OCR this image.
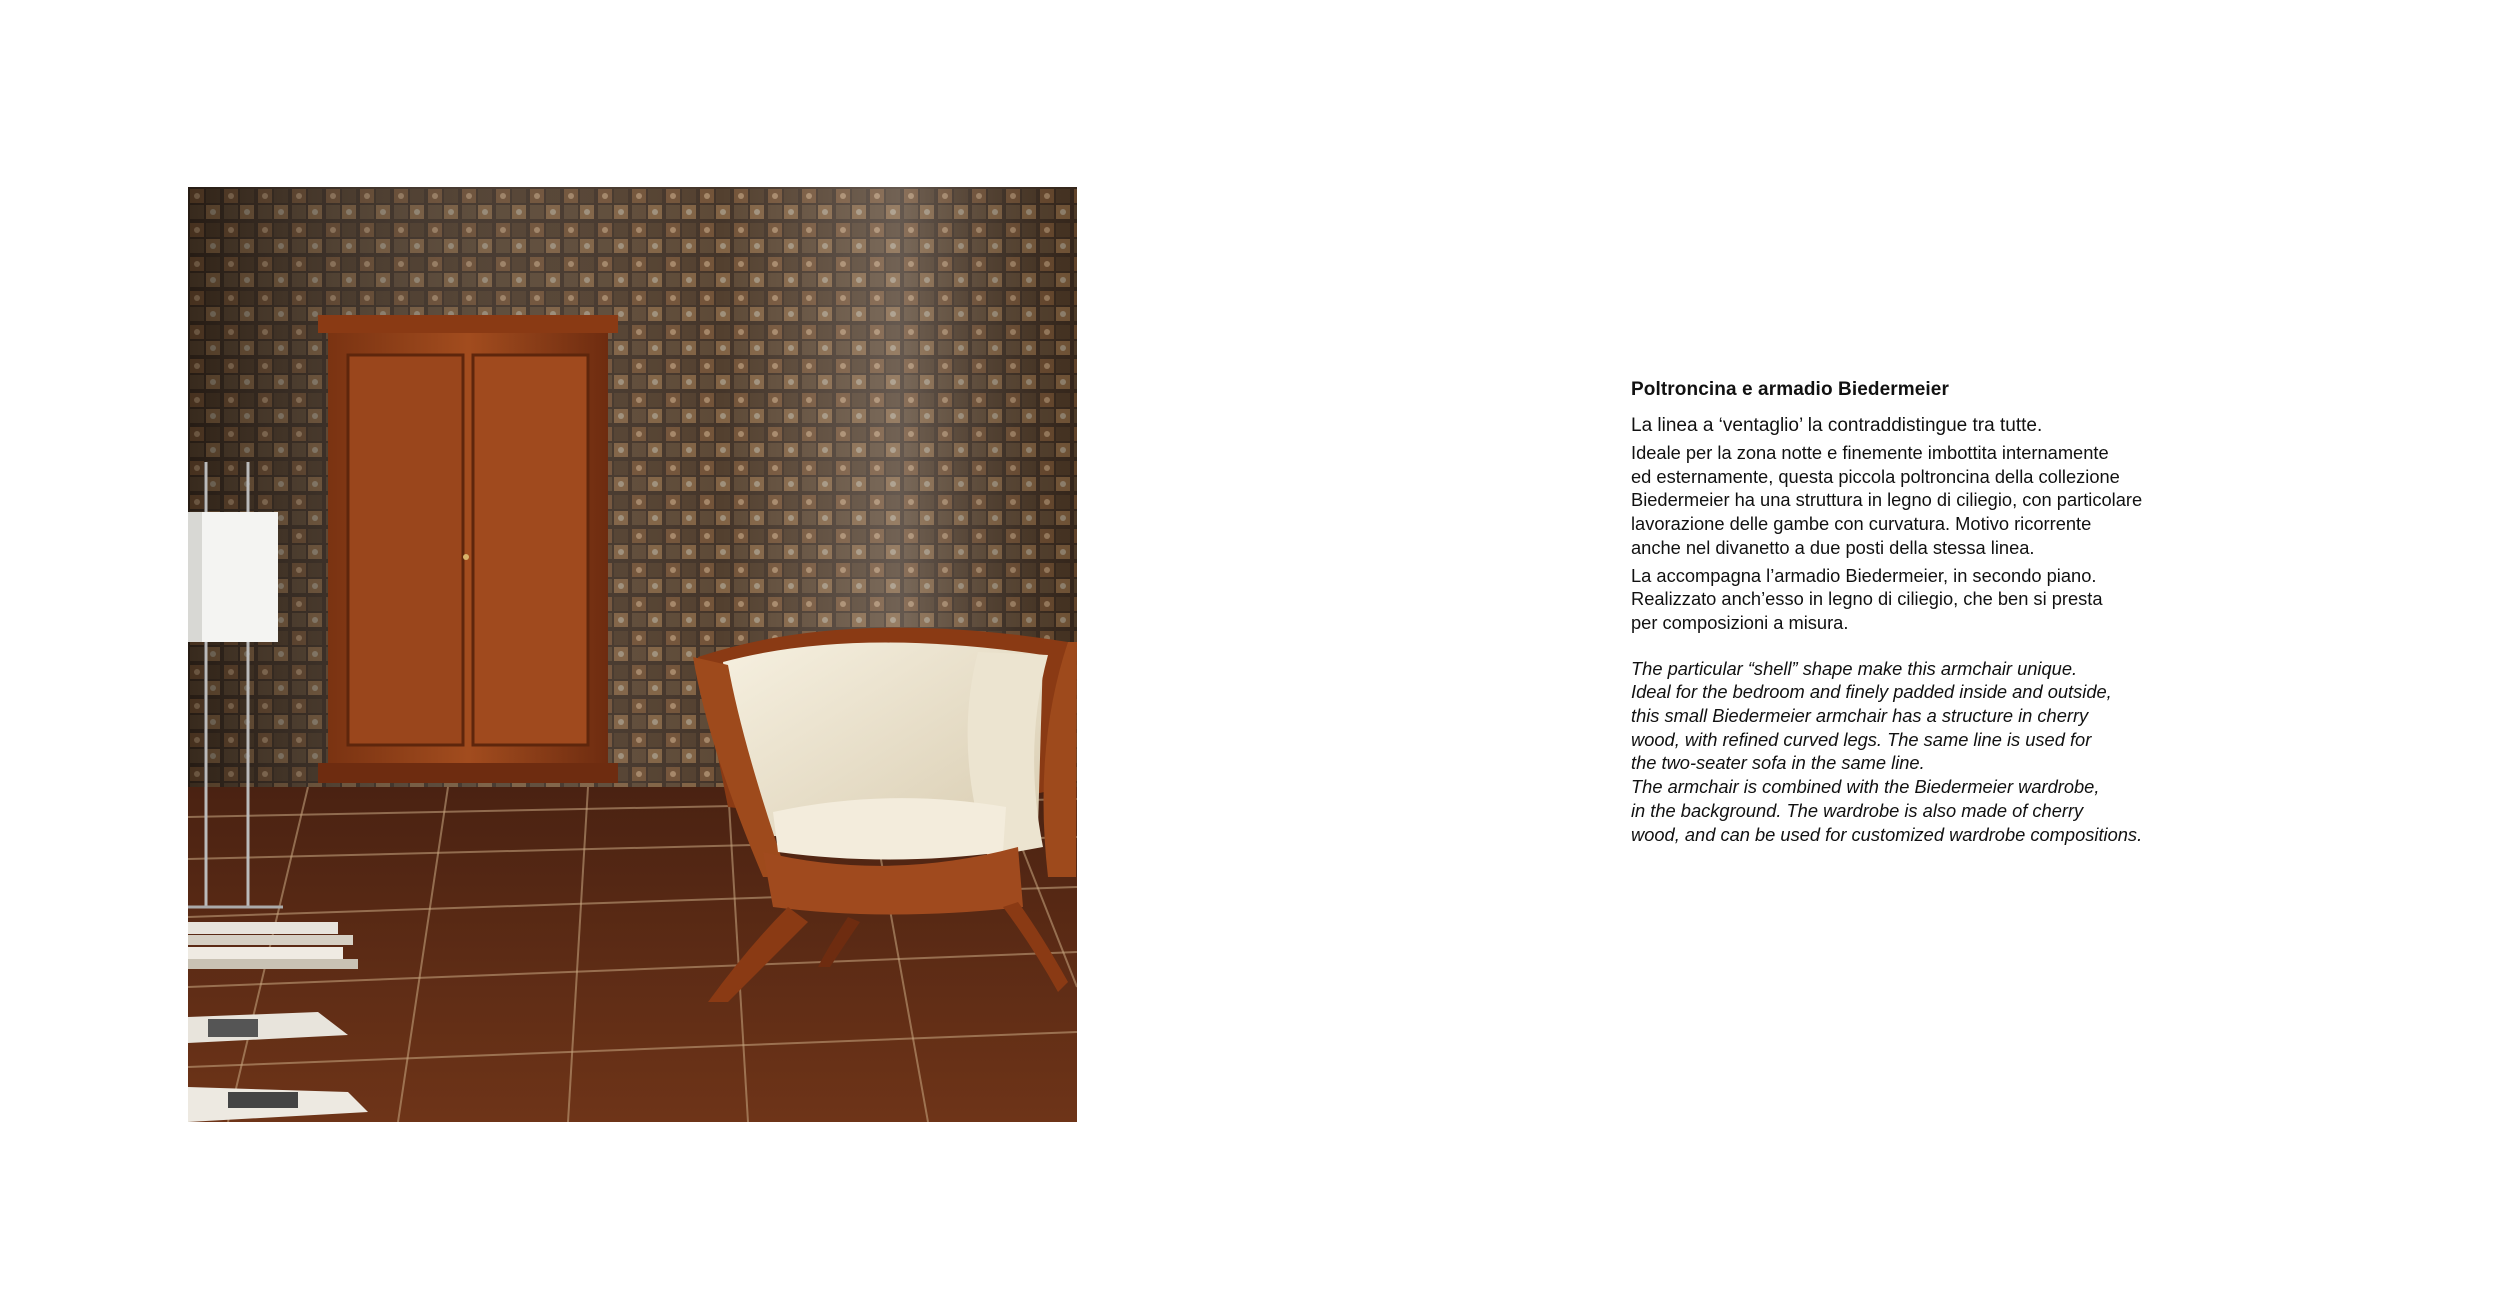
Poltroncina e armadio Biedermeier

La linea a ‘ventaglio’ la contraddistingue tra tutte.

Ideale per la zona notte e finemente imbottita internamente
ed esternamente, questa piccola poltroncina della collezione
Biedermeier ha una struttura in legno di ciliegio, con particolare
lavorazione delle gambe con curvatura. Motivo ricorrente
anche nel divanetto a due posti della stessa linea.
La accompagna l’armadio Biedermeier, in secondo piano.
Realizzato anch’esso in legno di ciliegio, che ben si presta
per composizioni a misura.
The particular “shell” shape make this armchair unique.
Ideal for the bedroom and finely padded inside and outside,
this small Biedermeier armchair has a structure in cherry
wood, with refined curved legs. The same line is used for
the two-seater sofa in the same line.
The armchair is combined with the Biedermeier wardrobe,
in the background. The wardrobe is also made of cherry
wood, and can be used for customized wardrobe compositions.
